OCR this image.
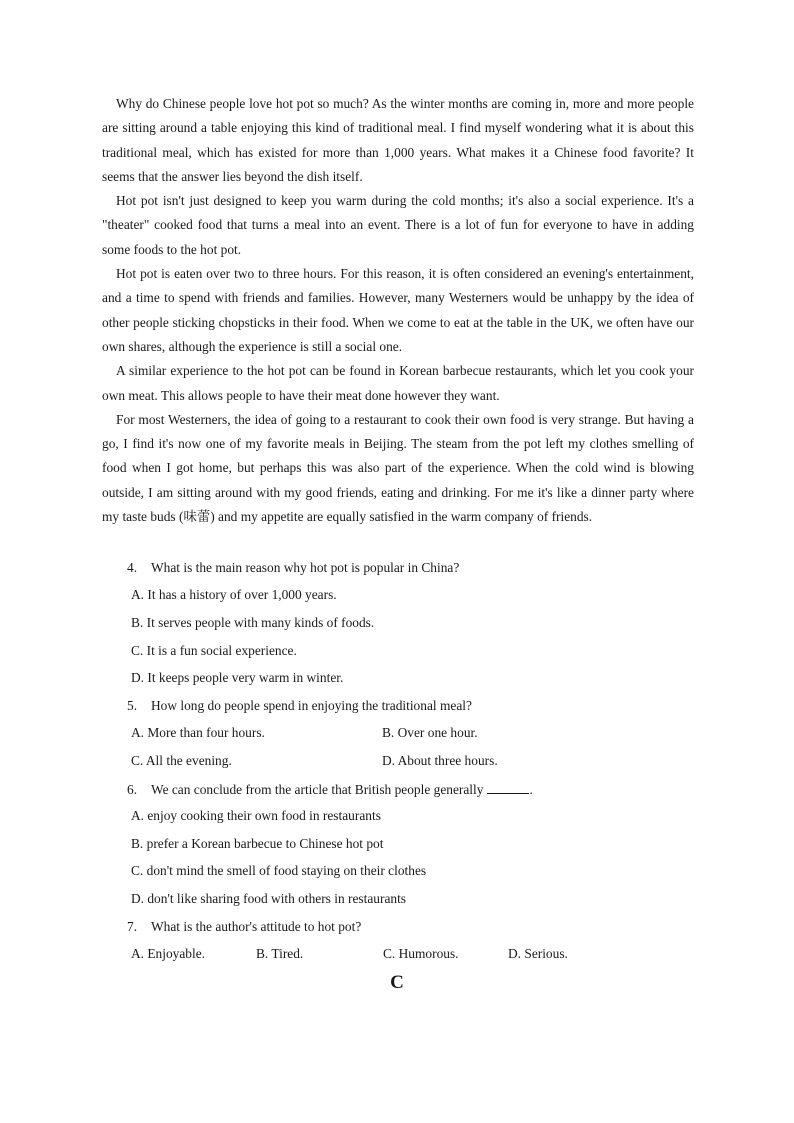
Why do Chinese people love hot pot so much? As the winter months are coming in, more and more people are sitting around a table enjoying this kind of traditional meal. I find myself wondering what it is about this traditional meal, which has existed for more than 1,000 years. What makes it a Chinese food favorite? It seems that the answer lies beyond the dish itself.

Hot pot isn't just designed to keep you warm during the cold months; it's also a social experience. It's a "theater" cooked food that turns a meal into an event. There is a lot of fun for everyone to have in adding some foods to the hot pot.

Hot pot is eaten over two to three hours. For this reason, it is often considered an evening's entertainment, and a time to spend with friends and families. However, many Westerners would be unhappy by the idea of other people sticking chopsticks in their food. When we come to eat at the table in the UK, we often have our own shares, although the experience is still a social one.

A similar experience to the hot pot can be found in Korean barbecue restaurants, which let you cook your own meat. This allows people to have their meat done however they want.

For most Westerners, the idea of going to a restaurant to cook their own food is very strange. But having a go, I find it's now one of my favorite meals in Beijing. The steam from the pot left my clothes smelling of food when I got home, but perhaps this was also part of the experience. When the cold wind is blowing outside, I am sitting around with my good friends, eating and drinking. For me it's like a dinner party where my taste buds (味蕾) and my appetite are equally satisfied in the warm company of friends.

4. What is the main reason why hot pot is popular in China?
A. It has a history of over 1,000 years.
B. It serves people with many kinds of foods.
C. It is a fun social experience.
D. It keeps people very warm in winter.
5. How long do people spend in enjoying the traditional meal?
A. More than four hours.	B. Over one hour.
C. All the evening.	D. About three hours.
6. We can conclude from the article that British people generally	.
A. enjoy cooking their own food in restaurants
B. prefer a Korean barbecue to Chinese hot pot
C. don't mind the smell of food staying on their clothes
D. don't like sharing food with others in restaurants
7. What is the author's attitude to hot pot?
A. Enjoyable.	B. Tired.	C. Humorous.	D. Serious.
C
